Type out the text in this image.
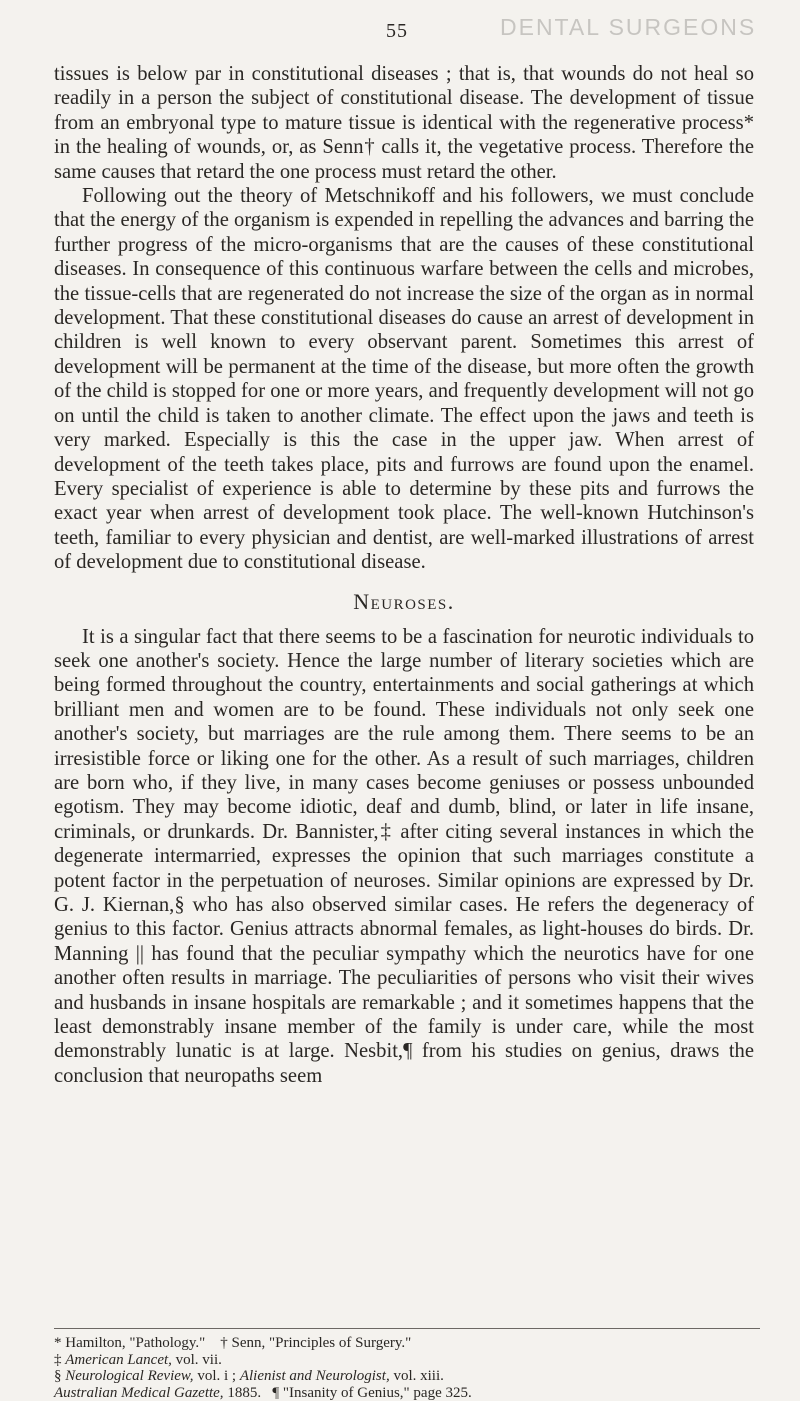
55	DENTAL SURGEONS

tissues is below par in constitutional diseases ; that is, that wounds do not heal so readily in a person the subject of constitutional disease. The development of tissue from an embryonal type to mature tissue is identical with the regenerative process* in the healing of wounds, or, as Senn† calls it, the vegetative process. Therefore the same causes that retard the one process must retard the other.

Following out the theory of Metschnikoff and his followers, we must conclude that the energy of the organism is expended in repelling the advances and barring the further progress of the micro-organisms that are the causes of these constitutional diseases. In consequence of this continuous warfare between the cells and microbes, the tissue-cells that are regenerated do not increase the size of the organ as in normal development. That these constitutional diseases do cause an arrest of development in children is well known to every observant parent. Sometimes this arrest of development will be permanent at the time of the disease, but more often the growth of the child is stopped for one or more years, and frequently development will not go on until the child is taken to another climate. The effect upon the jaws and teeth is very marked. Especially is this the case in the upper jaw. When arrest of development of the teeth takes place, pits and furrows are found upon the enamel. Every specialist of experience is able to determine by these pits and furrows the exact year when arrest of development took place. The well-known Hutchinson's teeth, familiar to every physician and dentist, are well-marked illustrations of arrest of development due to constitutional disease.

Neuroses.

It is a singular fact that there seems to be a fascination for neurotic individuals to seek one another's society. Hence the large number of literary societies which are being formed throughout the country, entertainments and social gatherings at which brilliant men and women are to be found. These individuals not only seek one another's society, but marriages are the rule among them. There seems to be an irresistible force or liking one for the other. As a result of such marriages, children are born who, if they live, in many cases become geniuses or possess unbounded egotism. They may become idiotic, deaf and dumb, blind, or later in life insane, criminals, or drunkards. Dr. Bannister,‡ after citing several instances in which the degenerate intermarried, expresses the opinion that such marriages constitute a potent factor in the perpetuation of neuroses. Similar opinions are expressed by Dr. G. J. Kiernan,§ who has also observed similar cases. He refers the degeneracy of genius to this factor. Genius attracts abnormal females, as light-houses do birds. Dr. Manning || has found that the peculiar sympathy which the neurotics have for one another often results in marriage. The peculiarities of persons who visit their wives and husbands in insane hospitals are remarkable ; and it sometimes happens that the least demonstrably insane member of the family is under care, while the most demonstrably lunatic is at large. Nesbit,¶ from his studies on genius, draws the conclusion that neuropaths seem

* Hamilton, "Pathology." † Senn, "Principles of Surgery."
‡ American Lancet, vol. vii.
§ Neurological Review, vol. i ; Alienist and Neurologist, vol. xiii.
Australian Medical Gazette, 1885. ¶ "Insanity of Genius," page 325.
